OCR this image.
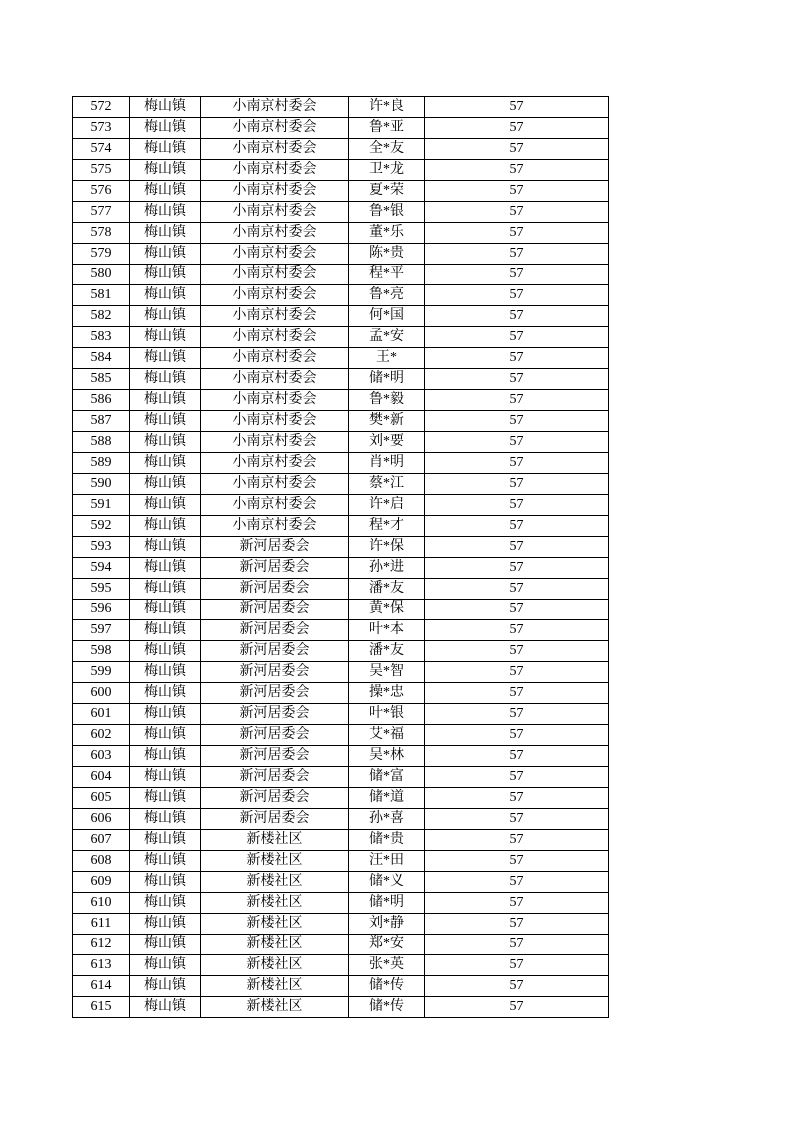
572	梅山镇	小南京村委会	许*良	57
573	梅山镇	小南京村委会	鲁*亚	57
574	梅山镇	小南京村委会	全*友	57
575	梅山镇	小南京村委会	卫*龙	57
576	梅山镇	小南京村委会	夏*荣	57
577	梅山镇	小南京村委会	鲁*银	57
578	梅山镇	小南京村委会	董*乐	57
579	梅山镇	小南京村委会	陈*贵	57
580	梅山镇	小南京村委会	程*平	57
581	梅山镇	小南京村委会	鲁*亮	57
582	梅山镇	小南京村委会	何*国	57
583	梅山镇	小南京村委会	孟*安	57
584	梅山镇	小南京村委会	王*	57
585	梅山镇	小南京村委会	储*明	57
586	梅山镇	小南京村委会	鲁*毅	57
587	梅山镇	小南京村委会	樊*新	57
588	梅山镇	小南京村委会	刘*要	57
589	梅山镇	小南京村委会	肖*明	57
590	梅山镇	小南京村委会	蔡*江	57
591	梅山镇	小南京村委会	许*启	57
592	梅山镇	小南京村委会	程*才	57
593	梅山镇	新河居委会	许*保	57
594	梅山镇	新河居委会	孙*进	57
595	梅山镇	新河居委会	潘*友	57
596	梅山镇	新河居委会	黄*保	57
597	梅山镇	新河居委会	叶*本	57
598	梅山镇	新河居委会	潘*友	57
599	梅山镇	新河居委会	吴*智	57
600	梅山镇	新河居委会	操*忠	57
601	梅山镇	新河居委会	叶*银	57
602	梅山镇	新河居委会	艾*福	57
603	梅山镇	新河居委会	吴*林	57
604	梅山镇	新河居委会	储*富	57
605	梅山镇	新河居委会	储*道	57
606	梅山镇	新河居委会	孙*喜	57
607	梅山镇	新楼社区	储*贵	57
608	梅山镇	新楼社区	汪*田	57
609	梅山镇	新楼社区	储*义	57
610	梅山镇	新楼社区	储*明	57
611	梅山镇	新楼社区	刘*静	57
612	梅山镇	新楼社区	郑*安	57
613	梅山镇	新楼社区	张*英	57
614	梅山镇	新楼社区	储*传	57
615	梅山镇	新楼社区	储*传	57
